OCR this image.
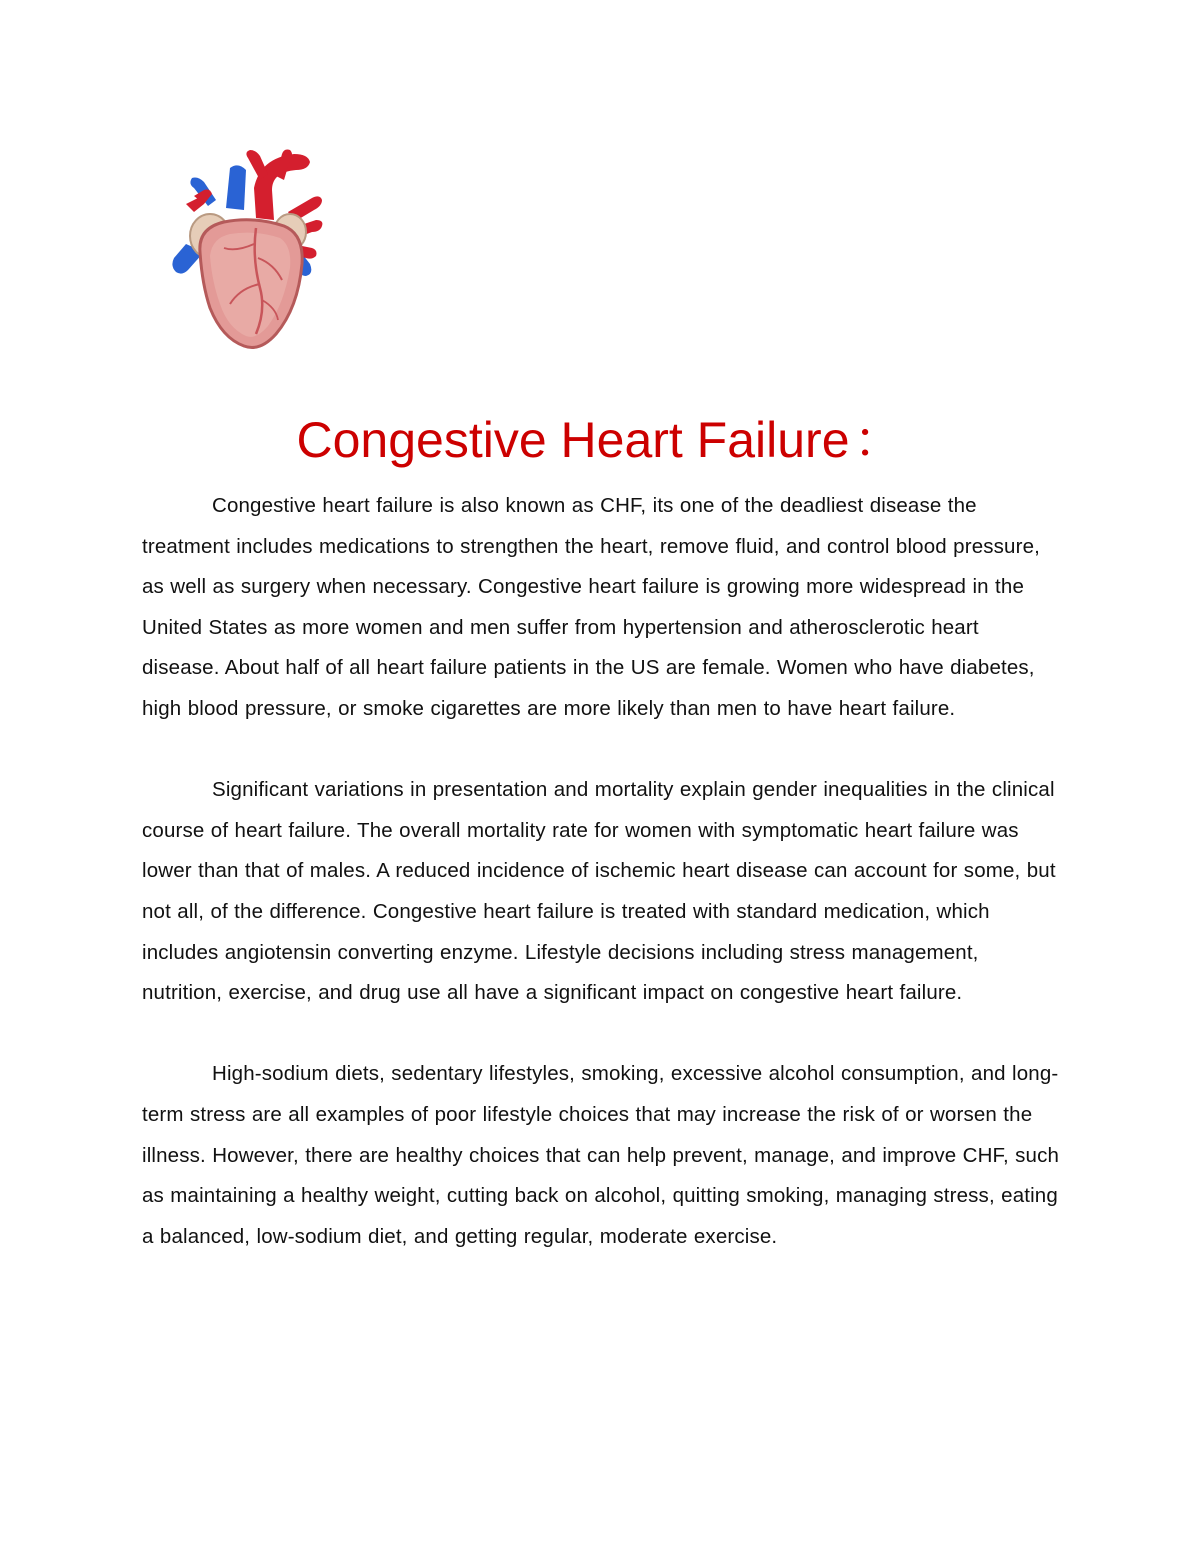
Congestive Heart Failure：

Congestive heart failure is also known as CHF, its one of the deadliest disease the treatment includes medications to strengthen the heart, remove fluid, and control blood pressure, as well as surgery when necessary. Congestive heart failure is growing more widespread in the United States as more women and men suffer from hypertension and atherosclerotic heart disease. About half of all heart failure patients in the US are female. Women who have diabetes, high blood pressure, or smoke cigarettes are more likely than men to have heart failure.

Significant variations in presentation and mortality explain gender inequalities in the clinical course of heart failure. The overall mortality rate for women with symptomatic heart failure was lower than that of males. A reduced incidence of ischemic heart disease can account for some, but not all, of the difference. Congestive heart failure is treated with standard medication, which includes angiotensin converting enzyme. Lifestyle decisions including stress management, nutrition, exercise, and drug use all have a significant impact on congestive heart failure.

High-sodium diets, sedentary lifestyles, smoking, excessive alcohol consumption, and long-term stress are all examples of poor lifestyle choices that may increase the risk of or worsen the illness. However, there are healthy choices that can help prevent, manage, and improve CHF, such as maintaining a healthy weight, cutting back on alcohol, quitting smoking, managing stress, eating a balanced, low-sodium diet, and getting regular, moderate exercise.
